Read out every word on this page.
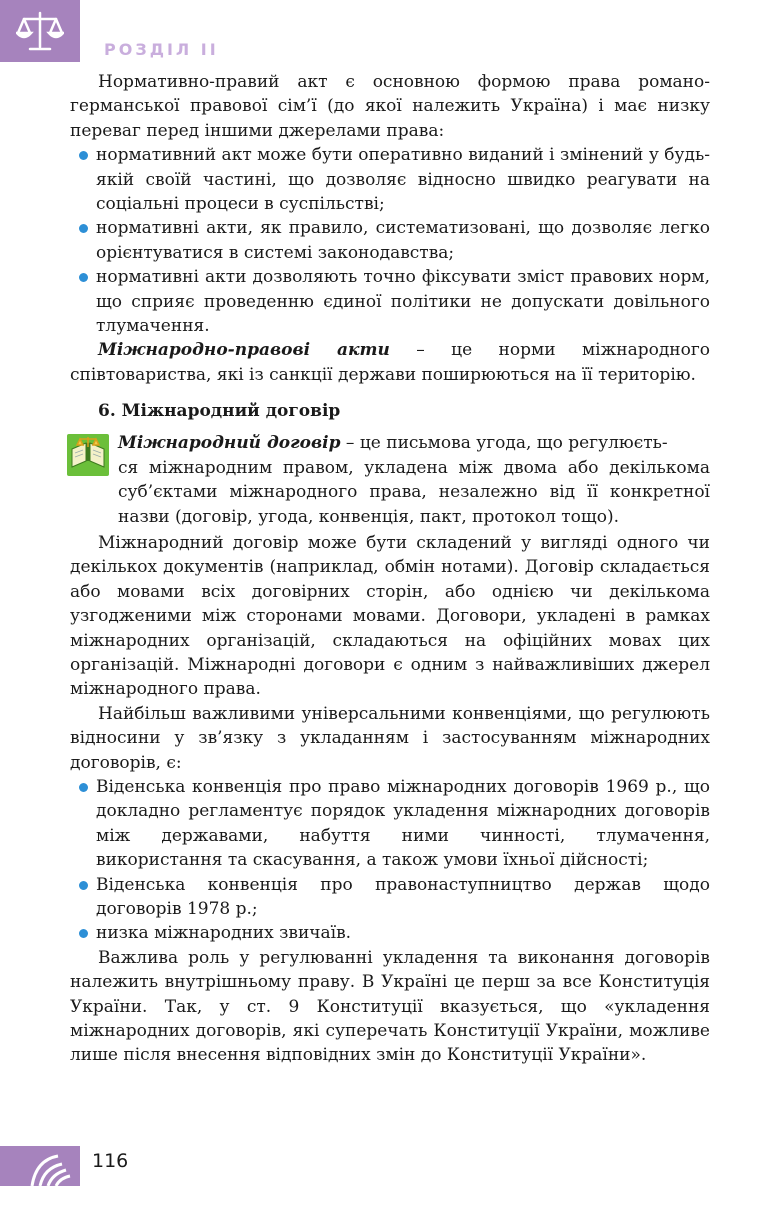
РОЗДІЛ ІІ

Нормативно-правий акт є основною формою права романо-германської правової сім’ї (до якої належить Україна) і має низку переваг перед іншими джерелами права:

нормативний акт може бути оперативно виданий і змінений у будь-якій своїй частині, що дозволяє відносно швидко реагувати на соціальні процеси в суспільстві;
нормативні акти, як правило, систематизовані, що дозволяє легко орієнтуватися в системі законодавства;
нормативні акти дозволяють точно фіксувати зміст правових норм, що сприяє проведенню єдиної політики не допускати довільного тлумачення.

Міжнародно-правові акти – це норми міжнародного співтовариства, які із санкції держави поширюються на її територію.

6. Міжнародний договір

Міжнародний договір – це письмова угода, що регулюєть-

ся міжнародним правом, укладена між двома або декількома суб’єктами міжнародного права, незалежно від її конкретної назви (договір, угода, конвенція, пакт, протокол тощо).

Міжнародний договір може бути складений у вигляді одного чи декількох документів (наприклад, обмін нотами). Договір складається або мовами всіх договірних сторін, або однією чи декількома узгодженими між сторонами мовами. Договори, укладені в рамках міжнародних організацій, складаються на офіційних мовах цих організацій. Міжнародні договори є одним з найважливіших джерел міжнародного права.

Найбільш важливими універсальними конвенціями, що регулюють відносини у зв’язку з укладанням і застосуванням міжнародних договорів, є:

Віденська конвенція про право міжнародних договорів 1969 р., що докладно регламентує порядок укладення міжнародних договорів між державами, набуття ними чинності, тлумачення, використання та скасування, а також умови їхньої дійсності;
Віденська конвенція про правонаступництво держав щодо договорів 1978 р.;
низка міжнародних звичаїв.

Важлива роль у регулюванні укладення та виконання договорів належить внутрішньому праву. В Україні це перш за все Конституція України. Так, у ст. 9 Конституції вказується, що «укладення міжнародних договорів, які суперечать Конституції України, можливе лише після внесення відповідних змін до Конституції України».

116
